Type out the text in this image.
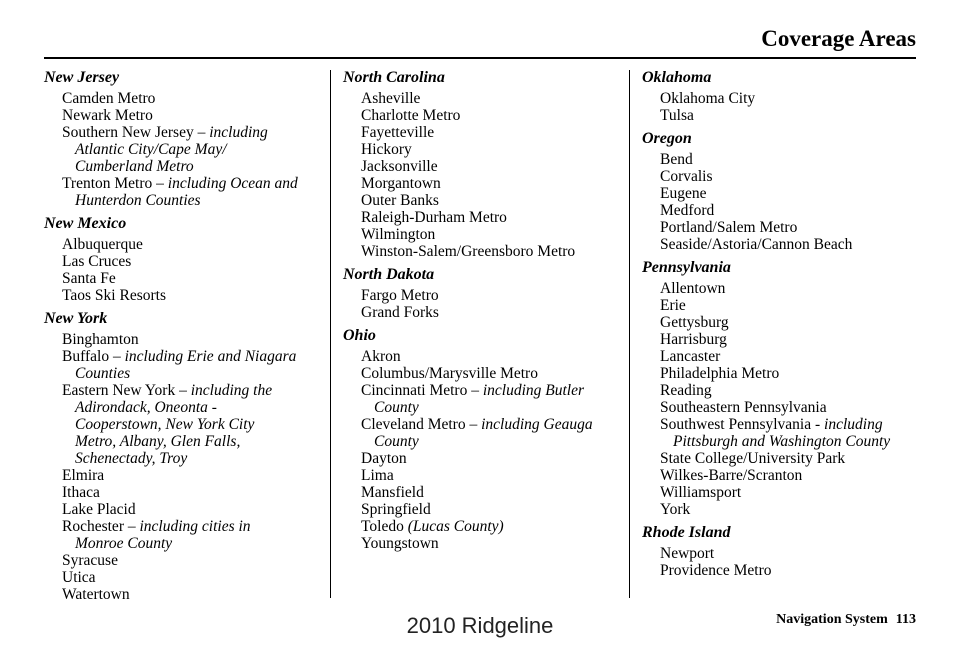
Coverage Areas
New Jersey
Camden Metro
Newark Metro
Southern New Jersey – including
Atlantic City/Cape May/
Cumberland Metro
Trenton Metro – including Ocean and
Hunterdon Counties
New Mexico
Albuquerque
Las Cruces
Santa Fe
Taos Ski Resorts
New York
Binghamton
Buffalo – including Erie and Niagara
Counties
Eastern New York – including the
Adirondack, Oneonta -
Cooperstown, New York City
Metro, Albany, Glen Falls,
Schenectady, Troy
Elmira
Ithaca
Lake Placid
Rochester – including cities in
Monroe County
Syracuse
Utica
Watertown
North Carolina
Asheville
Charlotte Metro
Fayetteville
Hickory
Jacksonville
Morgantown
Outer Banks
Raleigh-Durham Metro
Wilmington
Winston-Salem/Greensboro Metro
North Dakota
Fargo Metro
Grand Forks
Ohio
Akron
Columbus/Marysville Metro
Cincinnati Metro – including Butler
County
Cleveland Metro – including Geauga
County
Dayton
Lima
Mansfield
Springfield
Toledo (Lucas County)
Youngstown
Oklahoma
Oklahoma City
Tulsa
Oregon
Bend
Corvalis
Eugene
Medford
Portland/Salem Metro
Seaside/Astoria/Cannon Beach
Pennsylvania
Allentown
Erie
Gettysburg
Harrisburg
Lancaster
Philadelphia Metro
Reading
Southeastern Pennsylvania
Southwest Pennsylvania - including
Pittsburgh and Washington County
State College/University Park
Wilkes-Barre/Scranton
Williamsport
York
Rhode Island
Newport
Providence Metro
Navigation System 113
2010 Ridgeline
